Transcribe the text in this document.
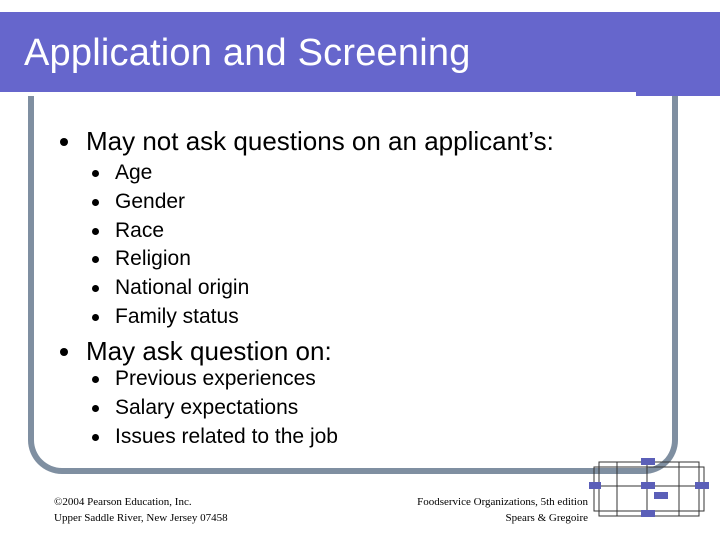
Application and Screening
May not ask questions on an applicant’s:
Age
Gender
Race
Religion
National origin
Family status
May ask question on:
Previous experiences
Salary expectations
Issues related to the job
©2004 Pearson Education, Inc.
Upper Saddle River, New Jersey 07458
Foodservice Organizations, 5th edition
Spears & Gregoire
